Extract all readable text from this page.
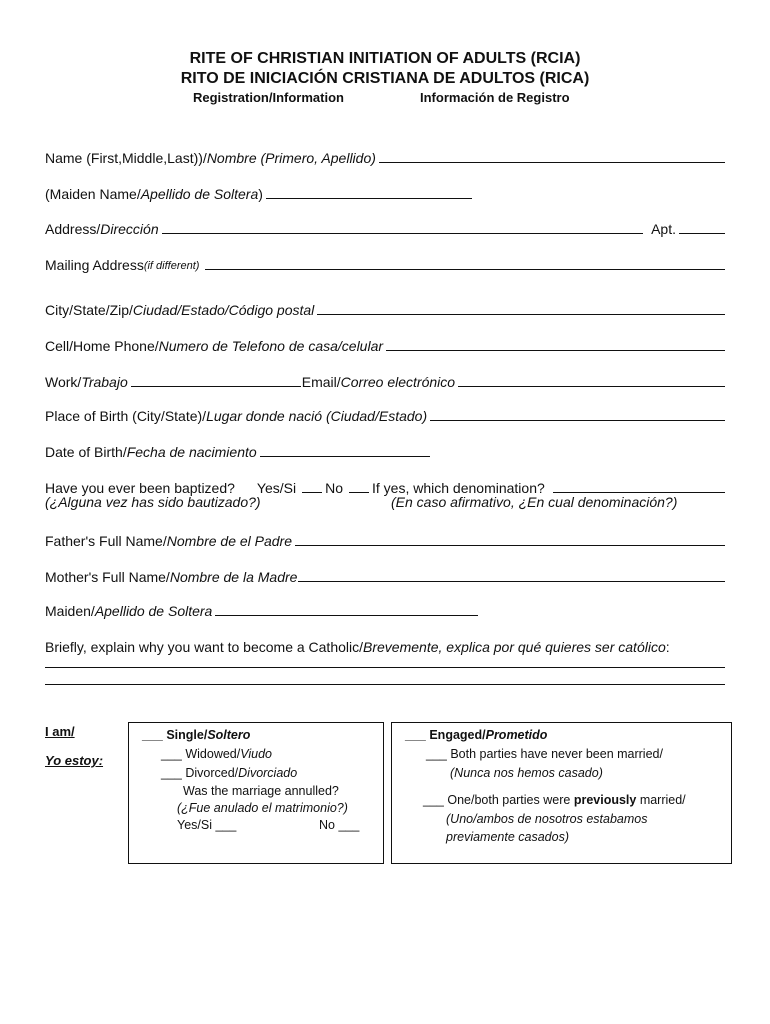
RITE OF CHRISTIAN INITIATION OF ADULTS (RCIA)
RITO DE INICIACIÓN CRISTIANA DE ADULTOS (RICA)
Registration/Information	Información de Registro
Name (First,Middle,Last))/ Nombre (Primero, Apellido)
(Maiden Name/ Apellido de Soltera )
Address/ Dirección	Apt.
Mailing Address (if different)
City/State/Zip/ Ciudad/Estado/Código postal
Cell/Home Phone/ Numero de Telefono de casa/celular
Work/ Trabajo	Email/ Correo electrónico
Place of Birth (City/State)/ Lugar donde nació (Ciudad/Estado)
Date of Birth/ Fecha de nacimiento
Have you ever been baptized? Yes/Si No If yes, which denomination?
(¿Alguna vez has sido bautizado?)	(En caso afirmativo, ¿En cual denominación?)
Father's Full Name/ Nombre de el Padre
Mother's Full Name/ Nombre de la Madre
Maiden/ Apellido de Soltera
Briefly, explain why you want to become a Catholic/ Brevemente, explica por qué quieres ser católico :
I am/
Yo estoy:
___ Single/Soltero
___ Widowed/Viudo
___ Divorced/Divorciado
Was the marriage annulled?
(¿Fue anulado el matrimonio?)
Yes/Si ___	No ___
___ Engaged/Prometido
___ Both parties have never been married/
(Nunca nos hemos casado)
___ One/both parties were previously married/
(Uno/ambos de nosotros estabamos
previamente casados)
